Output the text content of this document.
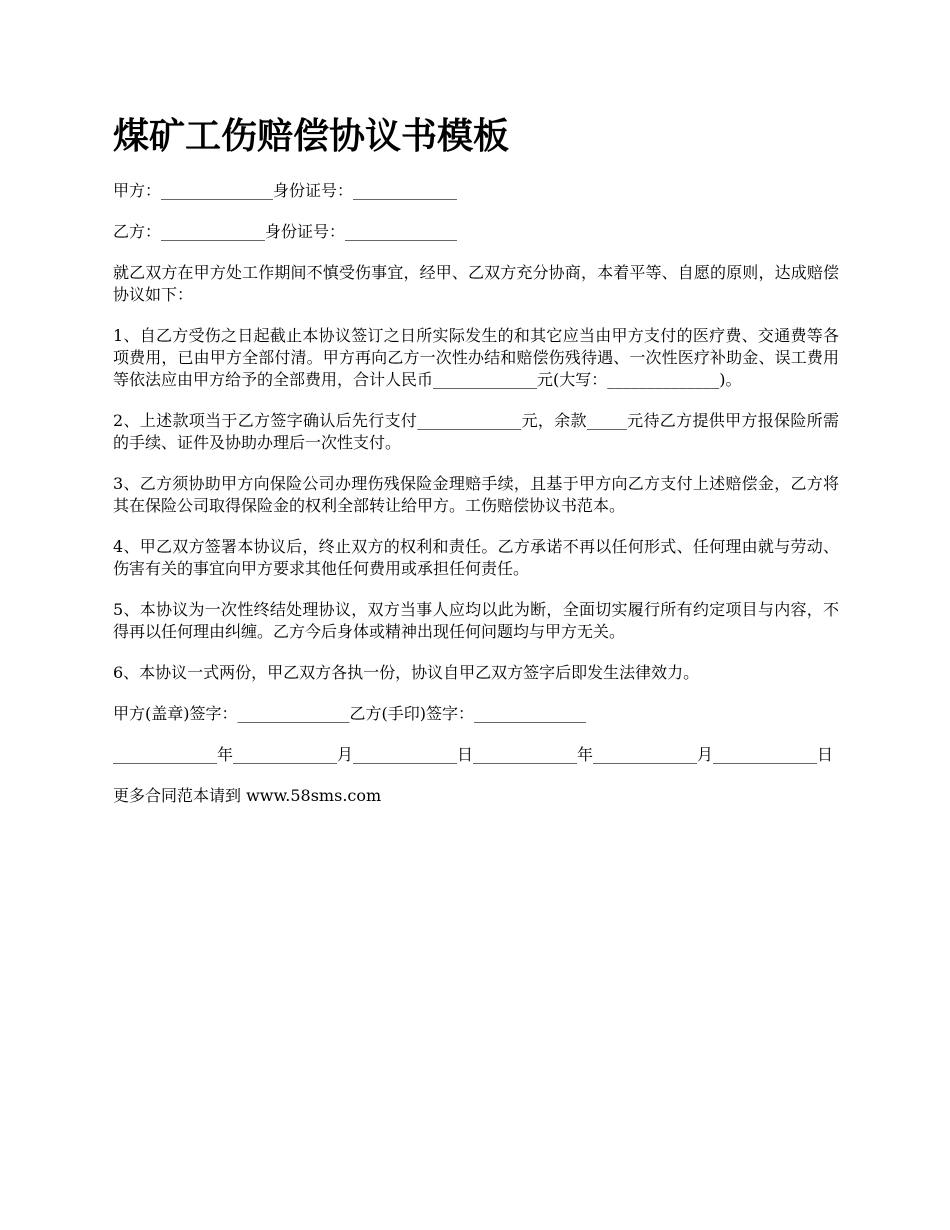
煤矿工伤赔偿协议书模板

甲方：______________身份证号：_____________

乙方：_____________身份证号：______________

就乙双方在甲方处工作期间不慎受伤事宜，经甲、乙双方充分协商，本着平等、自愿的原则，达成赔偿协议如下：

1、自乙方受伤之日起截止本协议签订之日所实际发生的和其它应当由甲方支付的医疗费、交通费等各项费用，已由甲方全部付清。甲方再向乙方一次性办结和赔偿伤残待遇、一次性医疗补助金、误工费用等依法应由甲方给予的全部费用，合计人民币_____________元(大写：______________)。

2、上述款项当于乙方签字确认后先行支付_____________元，余款_____元待乙方提供甲方报保险所需的手续、证件及协助办理后一次性支付。

3、乙方须协助甲方向保险公司办理伤残保险金理赔手续，且基于甲方向乙方支付上述赔偿金，乙方将其在保险公司取得保险金的权利全部转让给甲方。工伤赔偿协议书范本。

4、甲乙双方签署本协议后，终止双方的权利和责任。乙方承诺不再以任何形式、任何理由就与劳动、伤害有关的事宜向甲方要求其他任何费用或承担任何责任。

5、本协议为一次性终结处理协议，双方当事人应均以此为断，全面切实履行所有约定项目与内容，不得再以任何理由纠缠。乙方今后身体或精神出现任何问题均与甲方无关。

6、本协议一式两份，甲乙双方各执一份，协议自甲乙双方签字后即发生法律效力。

甲方(盖章)签字：______________乙方(手印)签字：______________

_____________年_____________月_____________日_____________年_____________月_____________日

更多合同范本请到 www.58sms.com
